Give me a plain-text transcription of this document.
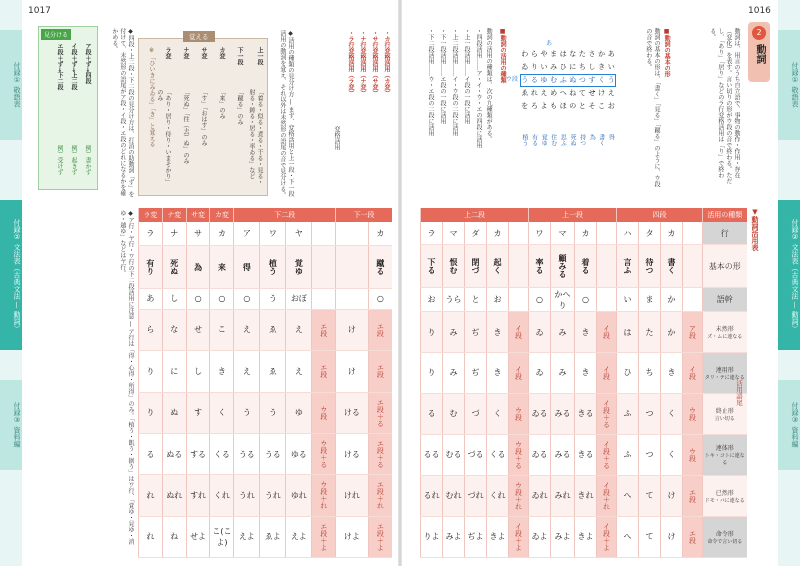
付録① 敬語表
付録② 文法表（古典文法 — 動詞）
付録③ 資料編
1017
見分ける
ア段＋ず→四段
イ段＋ず→上二段
エ段＋ず→下二段
例）書かず
例）起きず
例）受けず	◆四段・上二段・下二段の見分け方は、打消の助動詞「ず」を付けて、未然形の語尾がア段・イ段・エ段のどれになるかを確かめる。	覚える
上一段
「着る・似る・煮る・干る・見る・射る・鋳る・居る・率ゐる」など
下一段
「蹴る」のみ
カ変
「来」のみ
サ変
「す」「おはす」のみ
ナ変
「死ぬ」「往（去）ぬ」のみ
ラ変
「あり・居り・侍り・いまそかり」のみ
※「ひいきにみゐる」「き」と覚える	◆活用の種類の見分け方 — まず、変格活用と上一段・下一段活用の動詞を覚え、それ以外は未然形の語尾の音で見分ける。	・カ行変格活用（カ変）
・サ行変格活用（サ変）
・ナ行変格活用（ナ変）
・ラ行変格活用（ラ変）
変格活用
◆ア行・ヤ行・ワ行の下二段活用に注意 — ア行は「得・心得・所得」のみ。「植う・飢う・据う」はワ行、「覚ゆ・見ゆ・消ゆ・越ゆ」などはヤ行。	ラ変	ナ変	サ変	カ変	下二段				下一段	
ラ	ナ	サ	カ	ア	ワ	ヤ			カ
有り	死ぬ	為	来	得	植う	覚ゆ			蹴る
あ	し	○	○	○	う	おぼ			○
ら	な	せ	こ	え	ゑ	え	エ段	け	エ段
り	に	し	き	え	ゑ	え	エ段	け	エ段
り	ぬ	す	く	う	う	ゆ	ウ段	ける	エ段＋る
る	ぬる	する	くる	うる	うる	ゆる	ウ段＋る	ける	エ段＋る
れ	ぬれ	すれ	くれ	うれ	うれ	ゆれ	ウ段＋れ	けれ	エ段＋れ
れ	ね	せよ	こ(こよ)	えよ	ゑよ	えよ	エ段＋よ	けよ	エ段＋よ
付録① 敬語表
付録② 文法表（古典文法 — 動詞）
付録③ 資料編
1016
2
動詞
動詞は、用言のうち自立語で、事物の動作・作用・存在（変化）を表す。言い切りの形がウ段の音で終わる。ただし、「あり」「居り」などのラ行変格活用は「り」で終わる。
■動詞の基本の形
動詞の基本の形は、「書く」「見る」「蹴る」のように、ウ段の音で終わる。
あ
わ ら や ま は な た さ か あ
ゐ り い み ひ に ち し き い
う る ゆ む ふ ぬ つ す く う
ゑ れ え め へ ね て せ け え
を ろ よ も ほ の と そ こ お
ウ段
植う 有る 覚ゆ 住む 思ふ 死ぬ 持つ 為 書く 得
■動詞の活用の種類
動詞の活用の種類は、次の九種類がある。
・四段活用……ア・イ・ウ・エの四段に活用
・上一段活用……イ段の一段に活用
・上二段活用……イ・ウ段の二段に活用
・下一段活用……エ段の一段に活用
・下二段活用……ウ・エ段の二段に活用
▼動詞活用表
上二段					上一段				四段				活用の種類
ラ	マ	ダ	カ		ワ	マ	カ		ハ	タ	カ		行
下る	恨む	閉づ	起く		率る	顧みる	着る		言ふ	待つ	書く		基本の形
お	うら	と	お		○	かへり	○		い	ま	か		語幹
り	み	ぢ	き	イ段	ゐ	み	き	イ段	は	た	か	ア段	未然形
ズ・ムに連なる

り	み	ぢ	き	イ段	ゐ	み	き	イ段	ひ	ち	き	イ段	連用形
タリ・テに連なる

る	む	づ	く	ウ段	ゐる	みる	きる	イ段＋る	ふ	つ	く	ウ段	終止形
言い切る

るる	むる	づる	くる	ウ段＋る	ゐる	みる	きる	イ段＋る	ふ	つ	く	ウ段	連体形
トキ・コトに連なる

るれ	むれ	づれ	くれ	ウ段＋れ	ゐれ	みれ	きれ	イ段＋れ	へ	て	け	エ段	已然形
ドモ・バに連なる

りよ	みよ	ぢよ	きよ	イ段＋よ	ゐよ	みよ	きよ	イ段＋よ	へ	て	け	エ段	命令形
命令で言い切る
活用語尾
